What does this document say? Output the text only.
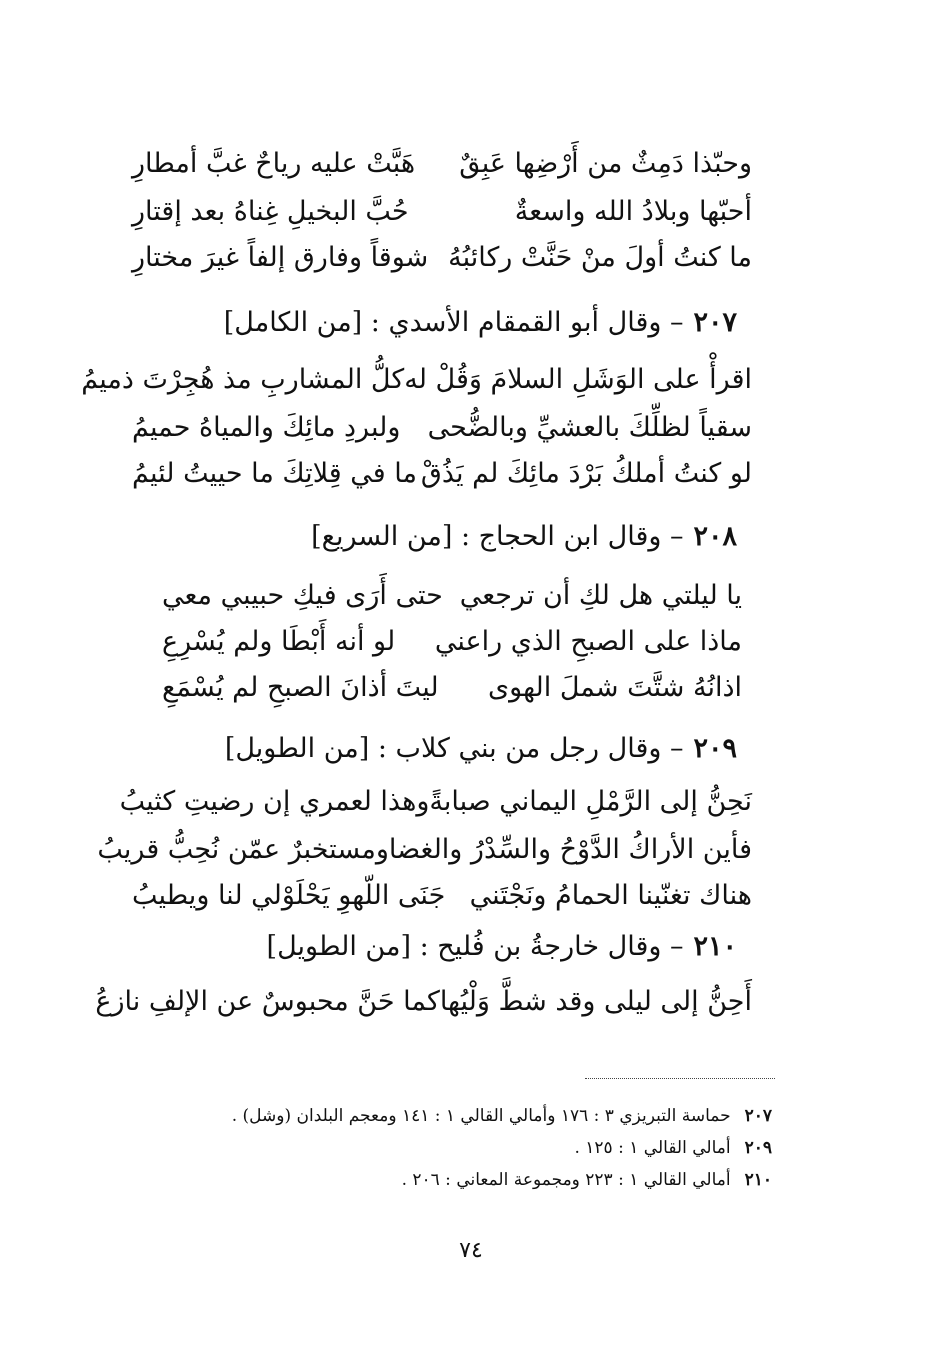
وحبّذا دَمِثٌ من أَرْضِها عَبِقٌ
هَبَّتْ عليه رياحٌ غبَّ أمطارِ
أحبّها وبلادُ الله واسعةٌ
حُبَّ البخيلِ غِناهُ بعد إقتارِ
ما كنتُ أولَ منْ حَنَّتْ ركائبُهُ
شوقاً وفارق إلفاً غيرَ مختارِ
٢٠٧
– وقال أبو القمقام الأسدي : [من الكامل]
اقرأْ على الوَشَلِ السلامَ وَقُلْ له
كلُّ المشاربِ مذ هُجِرْتَ ذميمُ
سقياً لظلِّكَ بالعشيِّ وبالضُّحى
ولبردِ مائِكَ والمياهُ حميمُ
لو كنتُ أملكُ بَرْدَ مائِكَ لم يَذُقْ
ما في قِلاتِكَ ما حييتُ لئيمُ
٢٠٨
– وقال ابن الحجاج : [من السريع]
يا ليلتي هل لكِ أن ترجعي
حتى أَرَى فيكِ حبيبي معي
ماذا على الصبحِ الذي راعني
لو أنه أَبْطَا ولم يُسْرِعِ
اذانُهُ شتَّتَ شملَ الهوى
ليتَ أذانَ الصبحِ لم يُسْمَعِ
٢٠٩
– وقال رجل من بني كلاب : [من الطويل]
نَحِنُّ إلى الرَّمْلِ اليماني صبابةً
وهذا لعمري إن رضيتِ كثيبُ
فأين الأراكُ الدَّوْحُ والسِّدْرُ والغضا
ومستخبرٌ عمّن نُحِبُّ قريبُ
هناك تغنّينا الحمامُ ونَجْتَني
جَنَى اللّهوِ يَحْلَوْلي لنا ويطيبُ
٢١٠
– وقال خارجةُ بن فُليح : [من الطويل]
أَحِنُّ إلى ليلى وقد شطَّ وَلْيُها
كما حَنَّ محبوسٌ عن الإلفِ نازعُ
٢٠٧
حماسة التبريزي ٣ : ١٧٦ وأمالي القالي ١ : ١٤١ ومعجم البلدان (وشل) .
٢٠٩
أمالي القالي ١ : ١٢٥ .
٢١٠
أمالي القالي ١ : ٢٢٣ ومجموعة المعاني : ٢٠٦ .
٧٤
